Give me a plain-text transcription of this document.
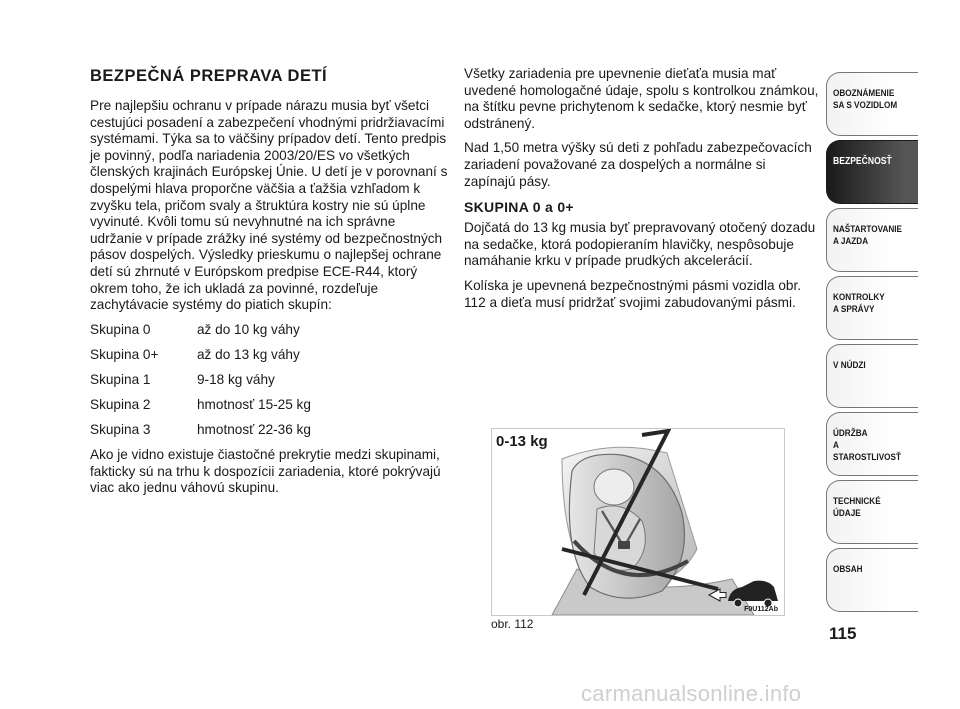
BEZPEČNÁ PREPRAVA DETÍ

Pre najlepšiu ochranu v prípade nárazu musia byť všetci cestujúci posadení a zabezpečení vhodnými pridržiavacími systémami. Týka sa to väčšiny prípadov detí. Tento predpis je povinný, podľa nariadenia 2003/20/ES vo všetkých členských krajinách Európskej Únie. U detí je v porovnaní s dospelými hlava proporčne väčšia a ťažšia vzhľadom k zvyšku tela, pričom svaly a štruktúra kostry nie sú úplne vyvinuté. Kvôli tomu sú nevyhnutné na ich správne udržanie v prípade zrážky iné systémy od bezpečnostných pásov dospelých. Výsledky prieskumu o najlepšej ochrane detí sú zhrnuté v Európskom predpise ECE-R44, ktorý okrem toho, že ich ukladá za povinné, rozdeľuje zachytávacie systémy do piatich skupín:

Skupina 0	až do 10 kg váhy
Skupina 0+	až do 13 kg váhy
Skupina 1	9-18 kg váhy
Skupina 2	hmotnosť 15-25 kg
Skupina 3	hmotnosť 22-36 kg

Ako je vidno existuje čiastočné prekrytie medzi skupinami, fakticky sú na trhu k dospozícii zariadenia, ktoré pokrývajú viac ako jednu váhovú skupinu.

Všetky zariadenia pre upevnenie dieťaťa musia mať uvedené homologačné údaje, spolu s kontrolkou známkou, na štítku pevne prichytenom k sedačke, ktorý nesmie byť odstránený.

Nad 1,50 metra výšky sú deti z pohľadu zabezpečovacích zariadení považované za dospelých a normálne si zapínajú pásy.

SKUPINA 0 a 0+

Dojčatá do 13 kg musia byť prepravovaný otočený dozadu na sedačke, ktorá podopieraním hlavičky, nespôsobuje namáhanie krku v prípade prudkých akcelerácií.

Kolíska je upevnená bezpečnostnými pásmi vozidla obr. 112 a dieťa musí pridržať svojimi zabudovanými pásmi.

0-13 kg
F0U112Ab
obr. 112
OBOZNÁMENIE
SA S VOZIDLOM
BEZPEČNOSŤ
NAŠTARTOVANIE
A JAZDA
KONTROLKY
A SPRÁVY
V NÚDZI
ÚDRŽBA
A STAROSTLIVOSŤ
TECHNICKÉ
ÚDAJE
OBSAH
115
carmanualsonline.info
